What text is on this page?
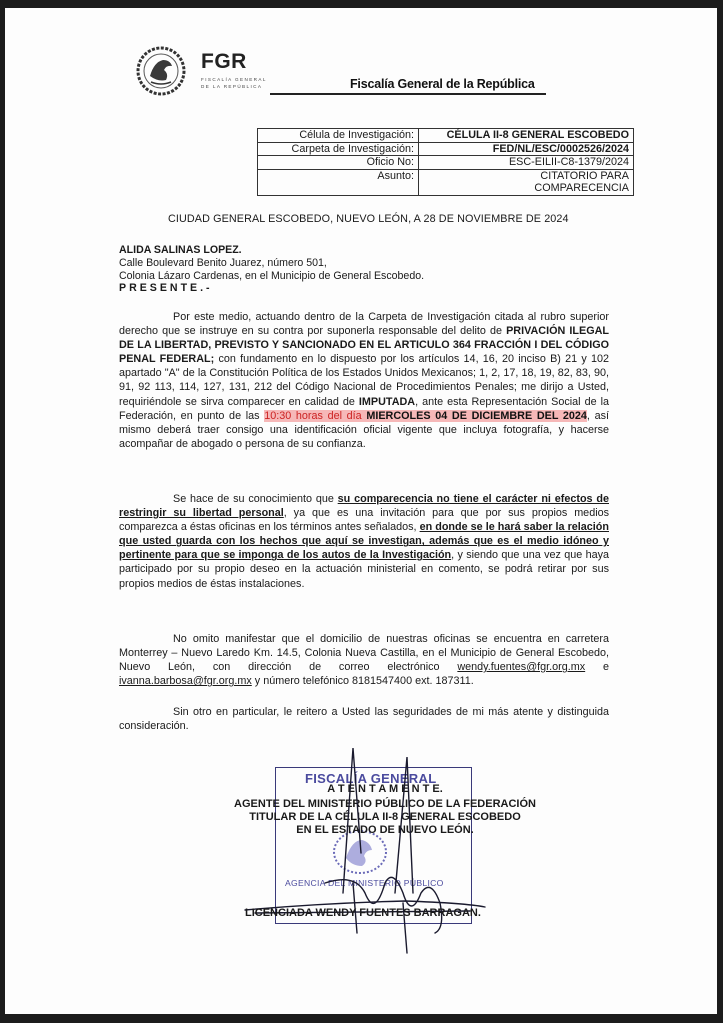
FGR
FISCALÍA GENERAL
DE LA REPÚBLICA	Fiscalía General de la República
Célula de Investigación:	CÉLULA II-8 GENERAL ESCOBEDO
Carpeta de Investigación:	FED/NL/ESC/0002526/2024
Oficio No:	ESC-EILII-C8-1379/2024
Asunto:	CITATORIO PARA COMPARECENCIA
CIUDAD GENERAL ESCOBEDO, NUEVO LEÓN, A 28 DE NOVIEMBRE DE 2024
ALIDA SALINAS LOPEZ.
Calle Boulevard Benito Juarez, número 501,
Colonia Lázaro Cardenas, en el Municipio de General Escobedo.
PRESENTE.-
Por este medio, actuando dentro de la Carpeta de Investigación citada al rubro superior derecho que se instruye en su contra por suponerla responsable del delito de PRIVACIÓN ILEGAL DE LA LIBERTAD, PREVISTO Y SANCIONADO EN EL ARTICULO 364 FRACCIÓN I DEL CÓDIGO PENAL FEDERAL; con fundamento en lo dispuesto por los artículos 14, 16, 20 inciso B) 21 y 102 apartado "A" de la Constitución Política de los Estados Unidos Mexicanos; 1, 2, 17, 18, 19, 82, 83, 90, 91, 92 113, 114, 127, 131, 212 del Código Nacional de Procedimientos Penales; me dirijo a Usted, requiriéndole se sirva comparecer en calidad de IMPUTADA, ante esta Representación Social de la Federación, en punto de las 10:30 horas del día MIERCOLES 04 DE DICIEMBRE DEL 2024, así mismo deberá traer consigo una identificación oficial vigente que incluya fotografía, y hacerse acompañar de abogado o persona de su confianza.
Se hace de su conocimiento que su comparecencia no tiene el carácter ni efectos de restringir su libertad personal, ya que es una invitación para que por sus propios medios comparezca a éstas oficinas en los términos antes señalados, en donde se le hará saber la relación que usted guarda con los hechos que aquí se investigan, además que es el medio idóneo y pertinente para que se imponga de los autos de la Investigación, y siendo que una vez que haya participado por su propio deseo en la actuación ministerial en comento, se podrá retirar por sus propios medios de éstas instalaciones.
No omito manifestar que el domicilio de nuestras oficinas se encuentra en carretera Monterrey – Nuevo Laredo Km. 14.5, Colonia Nueva Castilla, en el Municipio de General Escobedo, Nuevo León, con dirección de correo electrónico wendy.fuentes@fgr.org.mx e ivanna.barbosa@fgr.org.mx y número telefónico 8181547400 ext. 187311.
Sin otro en particular, le reitero a Usted las seguridades de mi más atente y distinguida consideración.
FISCALÍA GENERAL
AGENCIA DEL MINISTERIO PÚBLICO
A T E N T A M E N T E.
AGENTE DEL MINISTERIO PÚBLICO DE LA FEDERACIÓN
TITULAR DE LA CÉLULA II-8 GENERAL ESCOBEDO
EN EL ESTADO DE NUEVO LEÓN.
LICENCIADA WENDY FUENTES BARRAGAN.
